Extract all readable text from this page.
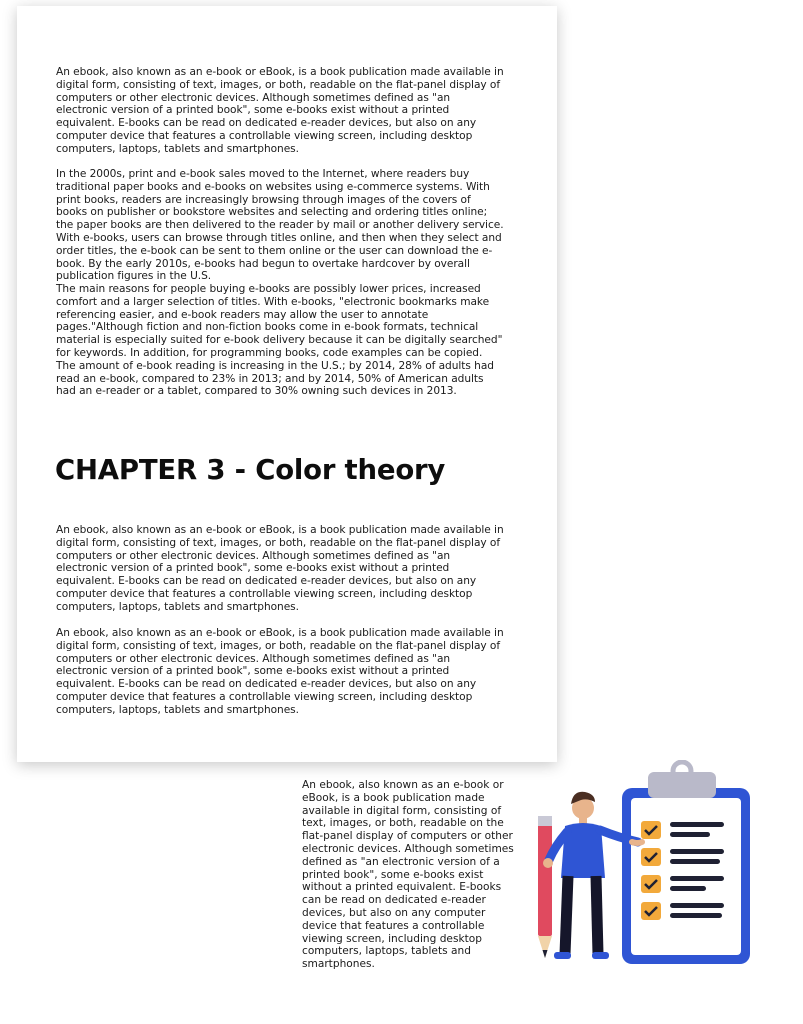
An ebook, also known as an e-book or eBook, is a book publication made available in digital form, consisting of text, images, or both, readable on the flat-panel display of computers or other electronic devices. Although sometimes defined as "an electronic version of a printed book", some e-books exist without a printed equivalent. E-books can be read on dedicated e-reader devices, but also on any computer device that features a controllable viewing screen, including desktop computers, laptops, tablets and smartphones.

In the 2000s, print and e-book sales moved to the Internet, where readers buy traditional paper books and e-books on websites using e-commerce systems. With print books, readers are increasingly browsing through images of the covers of books on publisher or bookstore websites and selecting and ordering titles online; the paper books are then delivered to the reader by mail or another delivery service. With e-books, users can browse through titles online, and then when they select and order titles, the e-book can be sent to them online or the user can download the e-book. By the early 2010s, e-books had begun to overtake hardcover by overall publication figures in the U.S.

The main reasons for people buying e-books are possibly lower prices, increased comfort and a larger selection of titles. With e-books, "electronic bookmarks make referencing easier, and e-book readers may allow the user to annotate pages."Although fiction and non-fiction books come in e-book formats, technical material is especially suited for e-book delivery because it can be digitally searched" for keywords. In addition, for programming books, code examples can be copied. The amount of e-book reading is increasing in the U.S.; by 2014, 28% of adults had read an e-book, compared to 23% in 2013; and by 2014, 50% of American adults had an e-reader or a tablet, compared to 30% owning such devices in 2013.

CHAPTER 3 - Color theory

An ebook, also known as an e-book or eBook, is a book publication made available in digital form, consisting of text, images, or both, readable on the flat-panel display of computers or other electronic devices. Although sometimes defined as "an electronic version of a printed book", some e-books exist without a printed equivalent. E-books can be read on dedicated e-reader devices, but also on any computer device that features a controllable viewing screen, including desktop computers, laptops, tablets and smartphones.

An ebook, also known as an e-book or eBook, is a book publication made available in digital form, consisting of text, images, or both, readable on the flat-panel display of computers or other electronic devices. Although sometimes defined as "an electronic version of a printed book", some e-books exist without a printed equivalent. E-books can be read on dedicated e-reader devices, but also on any computer device that features a controllable viewing screen, including desktop computers, laptops, tablets and smartphones.

An ebook, also known as an e-book or eBook, is a book publication made available in digital form, consisting of text, images, or both, readable on the flat-panel display of computers or other electronic devices. Although sometimes defined as "an electronic version of a printed book", some e-books exist without a printed equivalent. E-books can be read on dedicated e-reader devices, but also on any computer device that features a controllable viewing screen, including desktop computers, laptops, tablets and smartphones.
